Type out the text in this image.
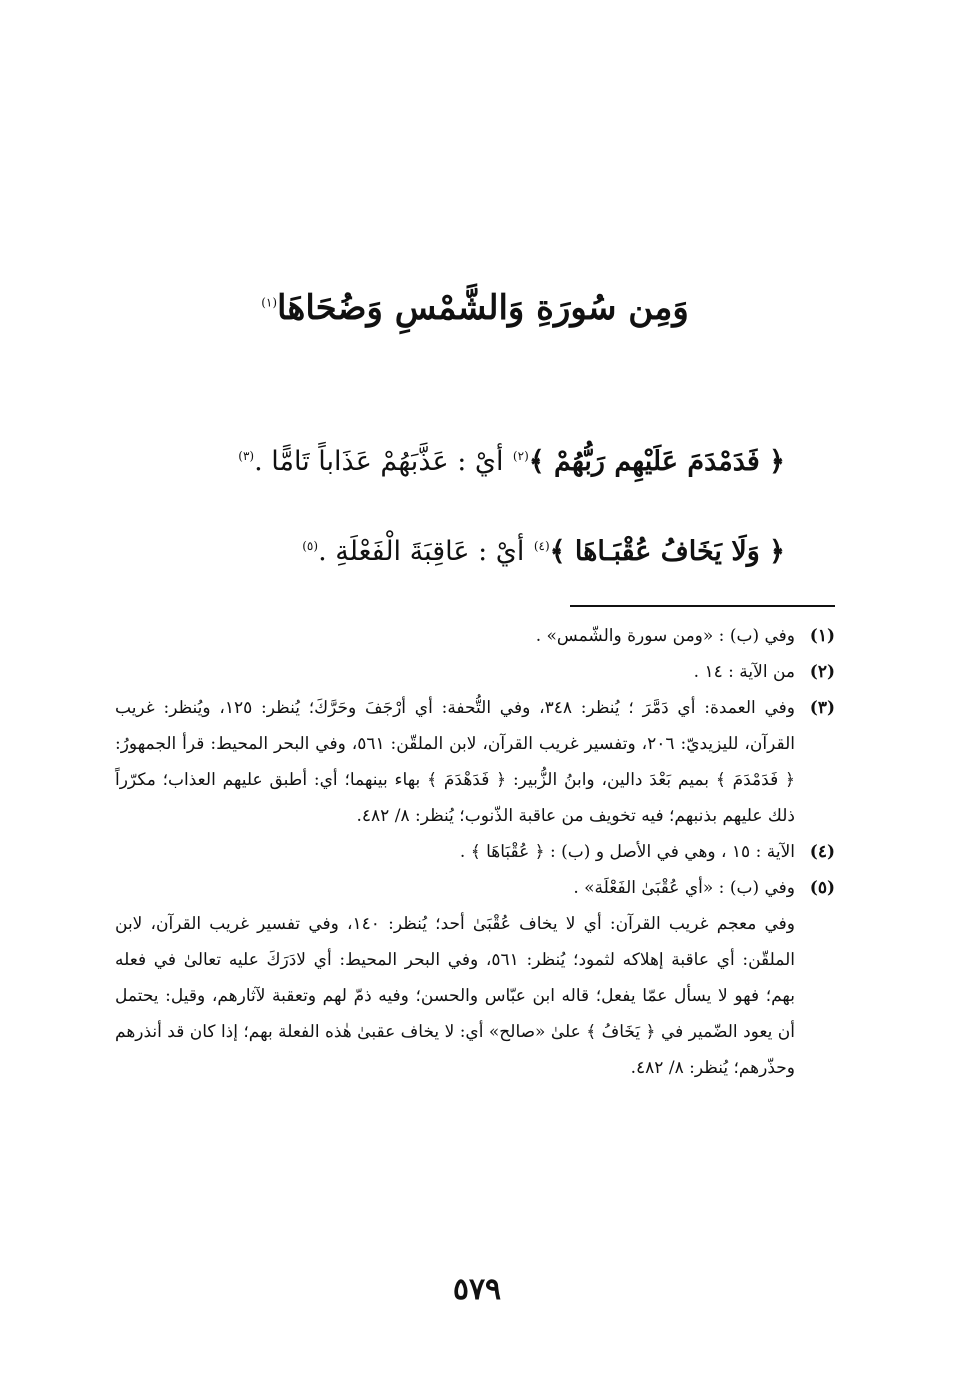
وَمِن سُورَةِ وَالشَّمْسِ وَضُحَاهَا$^{(١)}$
﴿ فَدَمْدَمَ عَلَيْهِم رَبُّهُمْ ﴾$^{(٢)}$ أيْ : عَذَّبَهُمْ عَذَاباً تَامًّا .$^{(٣)}$
﴿ وَلَا يَخَافُ عُقْبَـاهَا ﴾$^{(٤)}$ أيْ : عَاقِبَةَ الْفَعْلَةِ .$^{(٥)}$
(١)
وفي (ب) : «ومن سورة والشّمس» .
(٢)
من الآية : ١٤ .
(٣)
وفي العمدة: أي دَمَّرَ ؛ يُنظر: ٣٤٨، وفي التُّحفة: أي أرْجَفَ وحَرَّكَ؛ يُنظر: ١٢٥، ويُنظر: غريب القرآن، لليزيديّ: ٢٠٦، وتفسير غريب القرآن، لابن الملقّن: ٥٦١، وفي البحر المحيط: قرأ الجمهورُ: ﴿ فَدَمْدَمَ ﴾ بميم بَعْدَ دالين، وابنُ الزُّبير: ﴿ فَدَهْدَمَ ﴾ بهاء بينهما؛ أي: أطبق عليهم العذاب؛ مكرّراً ذلك عليهم بذنبهم؛ فيه تخويف من عاقبة الذّنوب؛ يُنظر: ٨/ ٤٨٢.
(٤)
الآية : ١٥ ، وهي في الأصل و (ب) : ﴿ عُقْبَاهَا ﴾ .
(٥)
وفي (ب) : «أي عُقْبَىٰ الفَعْلَة» .
وفي معجم غريب القرآن: أي لا يخاف عُقْبَىٰ أحد؛ يُنظر: ١٤٠، وفي تفسير غريب القرآن، لابن الملقّن: أي عاقبة إهلاكه لثمود؛ يُنظر: ٥٦١، وفي البحر المحيط: أي لادَرَكَ عليه تعالىٰ في فعله بهم؛ فهو لا يسأل عمّا يفعل؛ قاله ابن عبّاس والحسن؛ وفيه ذمّ لهم وتعقبة لآثارهم، وقيل: يحتمل أن يعود الضّمير في ﴿ يَخَافُ ﴾ علىٰ «صالح» أي: لا يخاف عقبىٰ هٰذه الفعلة بهم؛ إذا كان قد أنذرهم وحذّرهم؛ يُنظر: ٨/ ٤٨٢.
٥٧٩
